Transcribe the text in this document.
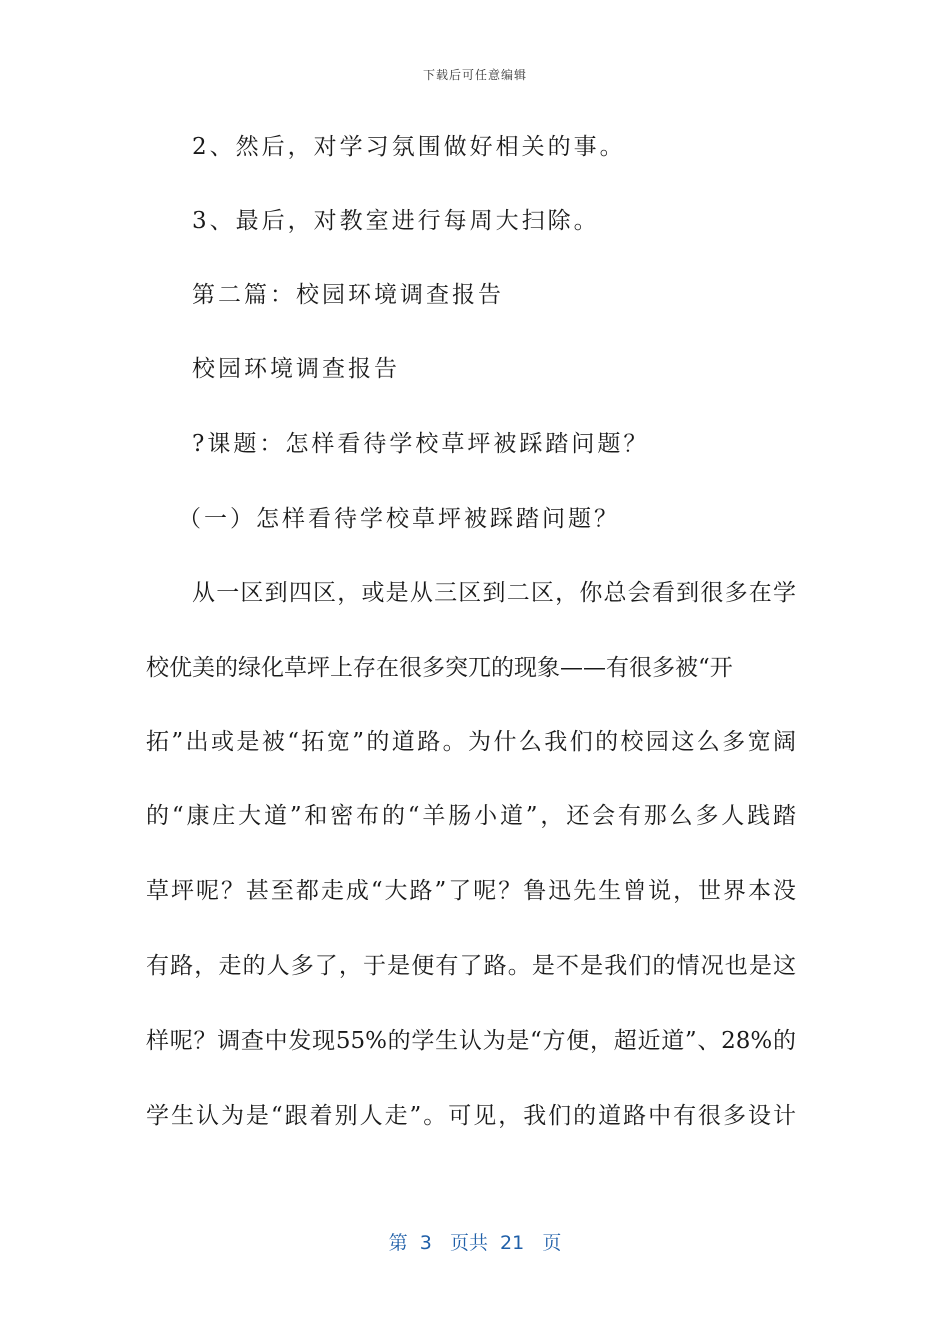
下载后可任意编辑
2、然后，对学习氛围做好相关的事。
3、最后，对教室进行每周大扫除。
第二篇：校园环境调查报告
校园环境调查报告
?课题：怎样看待学校草坪被踩踏问题？
（一）怎样看待学校草坪被踩踏问题？
从一区到四区，或是从三区到二区，你总会看到很多在学
校优美的绿化草坪上存在很多突兀的现象——有很多被“开
拓”出或是被“拓宽”的道路。为什么我们的校园这么多宽阔
的“康庄大道”和密布的“羊肠小道”，还会有那么多人践踏
草坪呢？甚至都走成“大路”了呢？鲁迅先生曾说，世界本没
有路，走的人多了，于是便有了路。是不是我们的情况也是这
样呢？调查中发现55%的学生认为是“方便，超近道”、28%的
学生认为是“跟着别人走”。可见，我们的道路中有很多设计
第  3   页共  21   页
